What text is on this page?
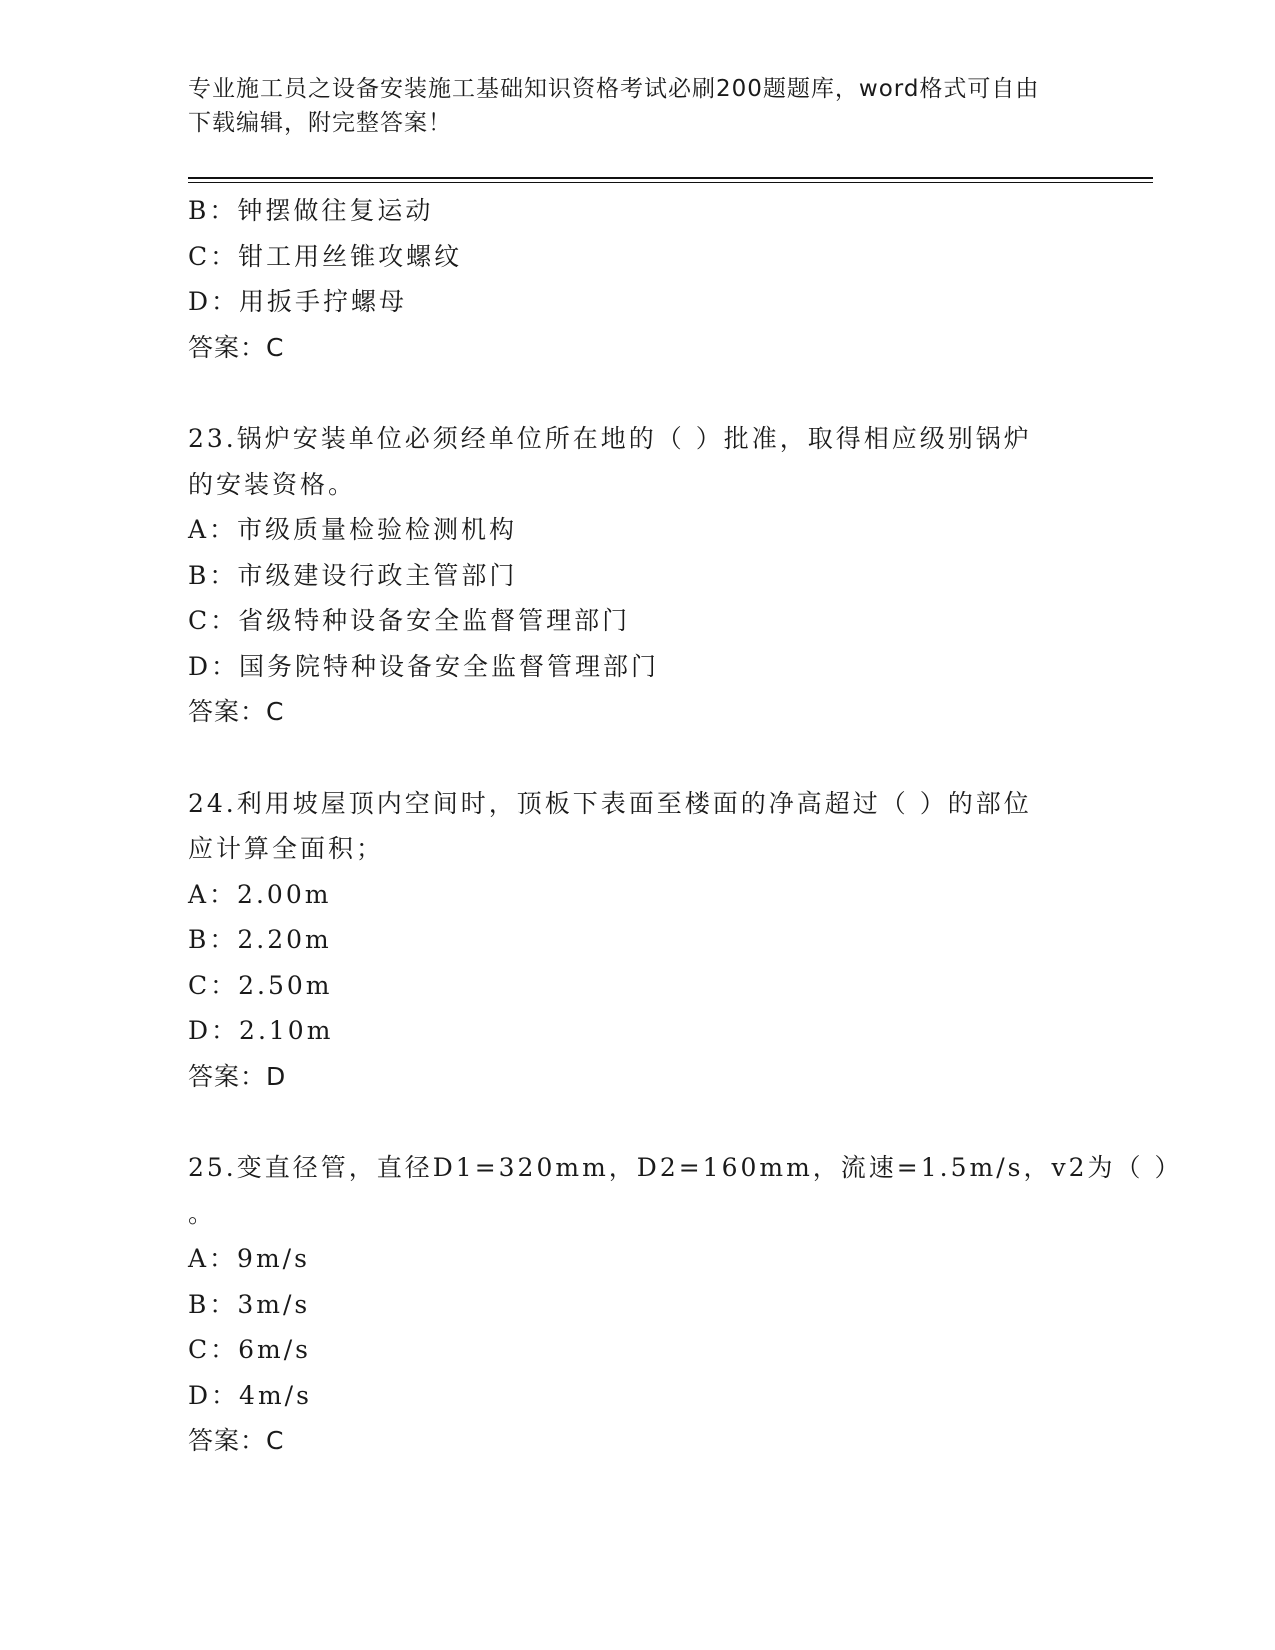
专业施工员之设备安装施工基础知识资格考试必刷200题题库，word格式可自由
下载编辑，附完整答案！
B：钟摆做往复运动
C：钳工用丝锥攻螺纹
D：用扳手拧螺母
答案：C
23.锅炉安装单位必须经单位所在地的（ ）批准，取得相应级别锅炉
的安装资格。
A：市级质量检验检测机构
B：市级建设行政主管部门
C：省级特种设备安全监督管理部门
D：国务院特种设备安全监督管理部门
答案：C
24.利用坡屋顶内空间时，顶板下表面至楼面的净高超过（ ）的部位
应计算全面积；
A：2.00m
B：2.20m
C：2.50m
D：2.10m
答案：D
25.变直径管，直径D1=320mm，D2=160mm，流速=1.5m/s，v2为（ ）
。
A：9m/s
B：3m/s
C：6m/s
D：4m/s
答案：C
